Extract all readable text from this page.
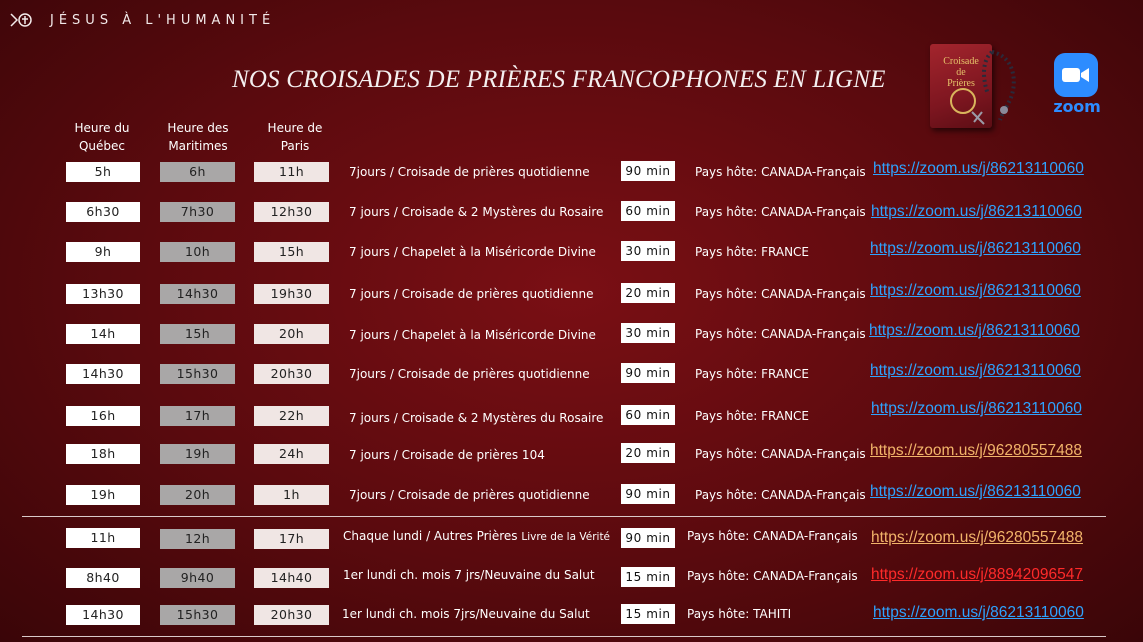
JÉSUS À L'HUMANITÉ
NOS CROISADES DE PRIÈRES FRANCOPHONES EN LIGNE
Croisade
de
Prières
zoom
Heure du
Québec
Heure des
Maritimes
Heure de
Paris
5h	6h	11h	7jours / Croisade de prières quotidienne	90 min	Pays hôte: CANADA-Français https://zoom.us/j/86213110060
6h30	7h30	12h30	7 jours / Croisade & 2 Mystères du Rosaire	60 min	Pays hôte: CANADA-Français https://zoom.us/j/86213110060
9h	10h	15h	7 jours / Chapelet à la Miséricorde Divine	30 min	Pays hôte: FRANCE	https://zoom.us/j/86213110060
13h30	14h30	19h30	7 jours / Croisade de prières quotidienne	20 min	Pays hôte: CANADA-Français https://zoom.us/j/86213110060
14h	15h	20h	7 jours / Chapelet à la Miséricorde Divine	30 min	Pays hôte: CANADA-Français https://zoom.us/j/86213110060
14h30	15h30	20h30	7jours / Croisade de prières quotidienne	90 min	Pays hôte: FRANCE	https://zoom.us/j/86213110060
16h	17h	22h	7 jours / Croisade & 2 Mystères du Rosaire	60 min	Pays hôte: FRANCE	https://zoom.us/j/86213110060
18h	19h	24h	7 jours / Croisade de prières 104	20 min	Pays hôte: CANADA-Français https://zoom.us/j/96280557488
19h	20h	1h	7jours / Croisade de prières quotidienne	90 min	Pays hôte: CANADA-Français https://zoom.us/j/86213110060
11h	12h	17h	Chaque lundi / Autres Prières Livre de la Vérité	90 min	Pays hôte: CANADA-Français https://zoom.us/j/96280557488
8h40	9h40	14h40	1er lundi ch. mois 7 jrs/Neuvaine du Salut	15 min	Pays hôte: CANADA-Français https://zoom.us/j/88942096547
14h30	15h30	20h30	1er lundi ch. mois 7jrs/Neuvaine du Salut	15 min	Pays hôte: TAHITI	https://zoom.us/j/86213110060
